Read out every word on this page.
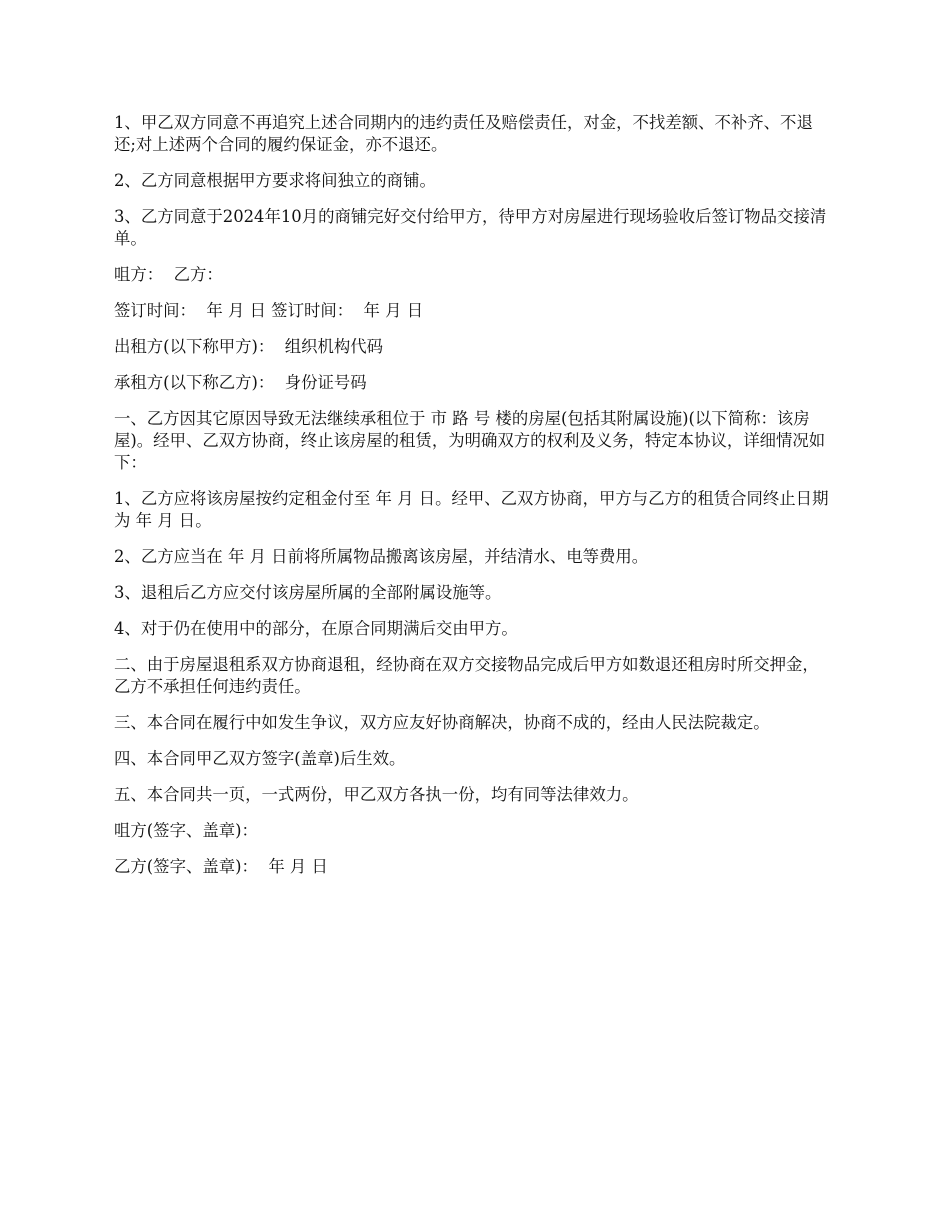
1、甲乙双方同意不再追究上述合同期内的违约责任及赔偿责任，对金，不找差额、不补齐、不退还;对上述两个合同的履约保证金，亦不退还。

2、乙方同意根据甲方要求将间独立的商铺。

3、乙方同意于2024年10月的商铺完好交付给甲方，待甲方对房屋进行现场验收后签订物品交接清单。

咀方：  乙方：

签订时间：  年 月 日 签订时间：  年 月 日

出租方(以下称甲方)：  组织机构代码

承租方(以下称乙方)：  身份证号码

一、乙方因其它原因导致无法继续承租位于 市 路 号 楼的房屋(包括其附属设施)(以下简称：该房屋)。经甲、乙双方协商，终止该房屋的租赁，为明确双方的权利及义务，特定本协议，详细情况如下：

1、乙方应将该房屋按约定租金付至 年 月 日。经甲、乙双方协商，甲方与乙方的租赁合同终止日期为 年 月 日。

2、乙方应当在 年 月 日前将所属物品搬离该房屋，并结清水、电等费用。

3、退租后乙方应交付该房屋所属的全部附属设施等。

4、对于仍在使用中的部分，在原合同期满后交由甲方。

二、由于房屋退租系双方协商退租，经协商在双方交接物品完成后甲方如数退还租房时所交押金，乙方不承担任何违约责任。

三、本合同在履行中如发生争议，双方应友好协商解决，协商不成的，经由人民法院裁定。

四、本合同甲乙双方签字(盖章)后生效。

五、本合同共一页，一式两份，甲乙双方各执一份，均有同等法律效力。

咀方(签字、盖章)：

乙方(签字、盖章)：  年 月 日
